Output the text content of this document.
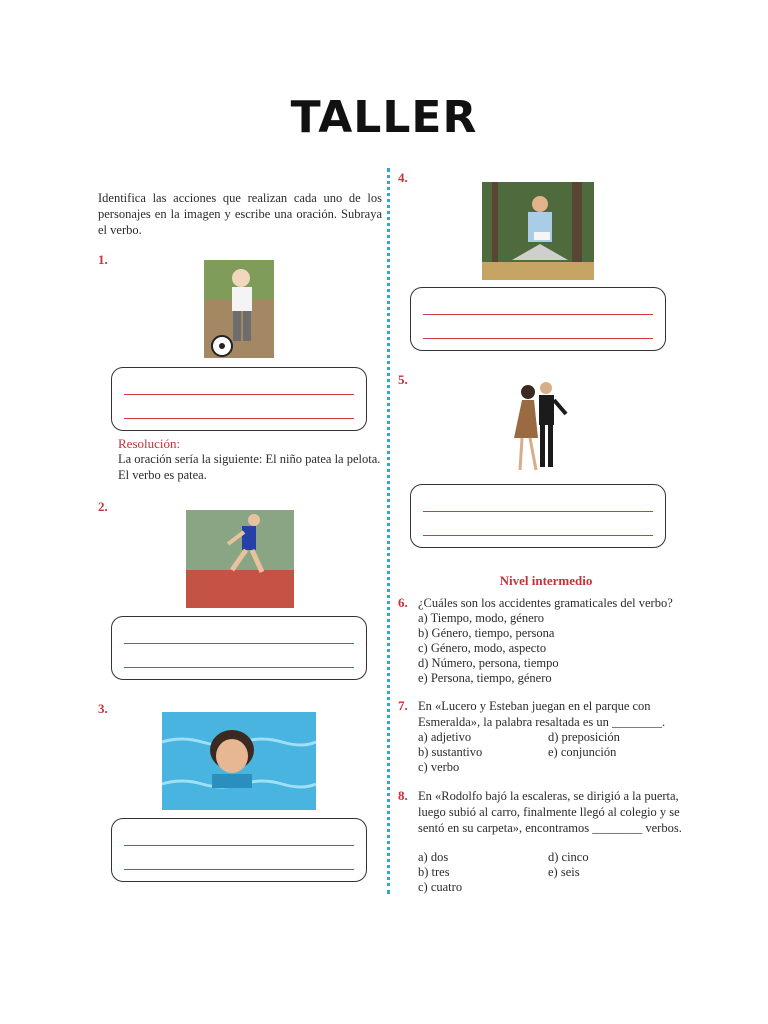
TALLER
Identifica las acciones que realizan cada uno de los personajes en la imagen y escribe una oración. Subraya el verbo.
1.
Resolución:
La oración sería la siguiente: El niño patea la pelota. El verbo es patea.
2.
3.
4.
5.
Nivel intermedio
6. ¿Cuáles son los accidentes gramaticales del verbo?
a) Tiempo, modo, género
b) Género, tiempo, persona
c) Género, modo, aspecto
d) Número, persona, tiempo
e) Persona, tiempo, género
7. En «Lucero y Esteban juegan en el parque con Esmeralda», la palabra resaltada es un ________.
a) adjetivo
b) sustantivo
c) verbo
d) preposición
e) conjunción
8. En «Rodolfo bajó la escaleras, se dirigió a la puerta, luego subió al carro, finalmente llegó al colegio y se sentó en su carpeta», encontramos ________ verbos.
a) dos
b) tres
c) cuatro
d) cinco
e) seis
